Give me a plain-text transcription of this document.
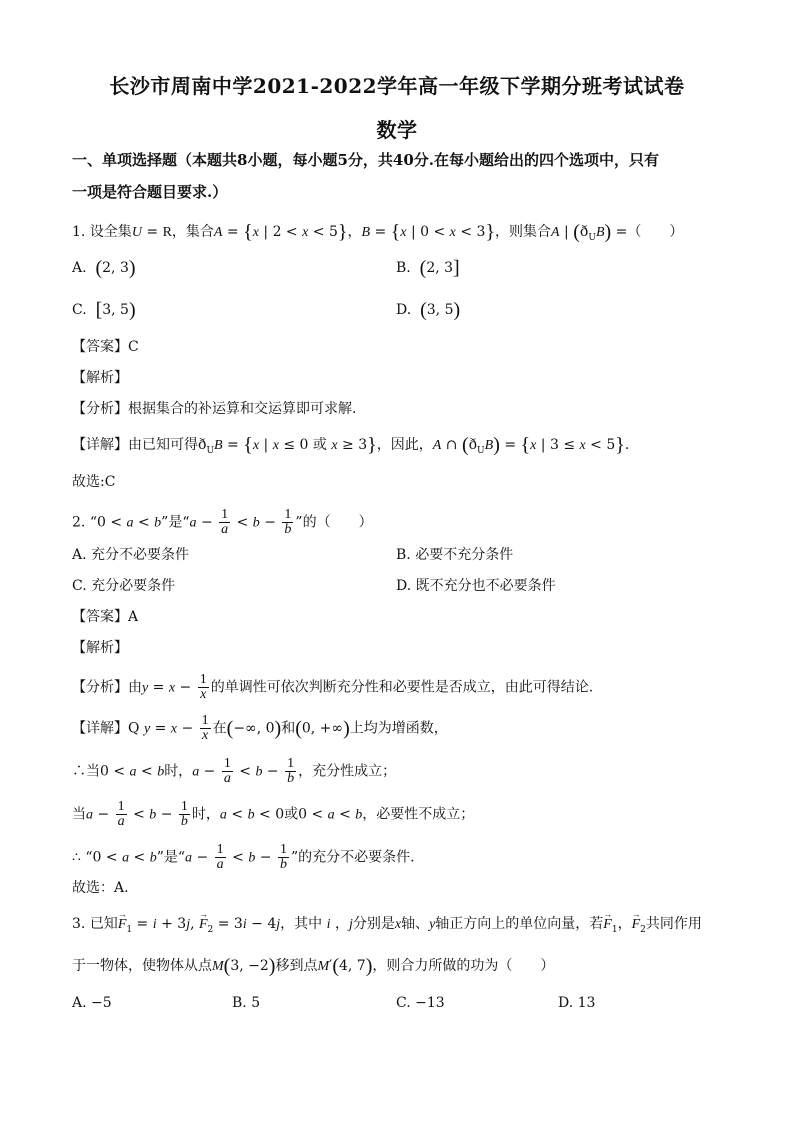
长沙市周南中学2021-2022学年高一年级下学期分班考试试卷
数学
一、单项选择题（本题共8小题，每小题5分，共40分.在每小题给出的四个选项中，只有
一项是符合题目要求.）
1. 设全集U = R，集合A = {x | 2 < x < 5}，B = {x | 0 < x < 3}，则集合A | $(ð_UB)$ =（　　）
A. (2, 3)	B. (2, 3]
C. [3, 5)	D. (3, 5)
【答案】C
【解析】
【分析】根据集合的补运算和交运算即可求解.
【详解】由已知可得$ð_UB = \{x$ | x ≤ 0 或 x ≥ 3}，因此，A ∩ $(ð_UB) = \{x$ | 3 ≤ x < 5}.
故选:C
2. “0 < a < b”是“$a - \frac{1}{a} < b - \frac{1}{b}$ ”的（　　）
A. 充分不必要条件	B. 必要不充分条件
C. 充分必要条件	D. 既不充分也不必要条件
【答案】A
【解析】
【分析】由$y = x - \frac{1}{x}$ 的单调性可依次判断充分性和必要性是否成立，由此可得结论.
【详解】Q $y = x - \frac{1}{x}$ 在(−∞, 0)和(0, +∞)上均为增函数，
∴当0 < a < b时，$a - \frac{1}{a} < b - \frac{1}{b}$ ，充分性成立；
当$a - \frac{1}{a} < b - \frac{1}{b}$ 时，a < b < 0或0 < a < b，必要性不成立；
∴ “0 < a < b”是“$a - \frac{1}{a} < b - \frac{1}{b}$ ”的充分不必要条件.
故选：A.
3. 已知→ $F_1 = i + 3j$, → $F_2 = 3i - 4j$，其中 i ，j分别是x轴、y轴正方向上的单位向量，若→ $F_1$，→ $F_2$共同作用
于一物体，使物体从点M(3, −2)移到点M′(4, 7)，则合力所做的功为（　　）
A. −5	B. 5	C. −13	D. 13
